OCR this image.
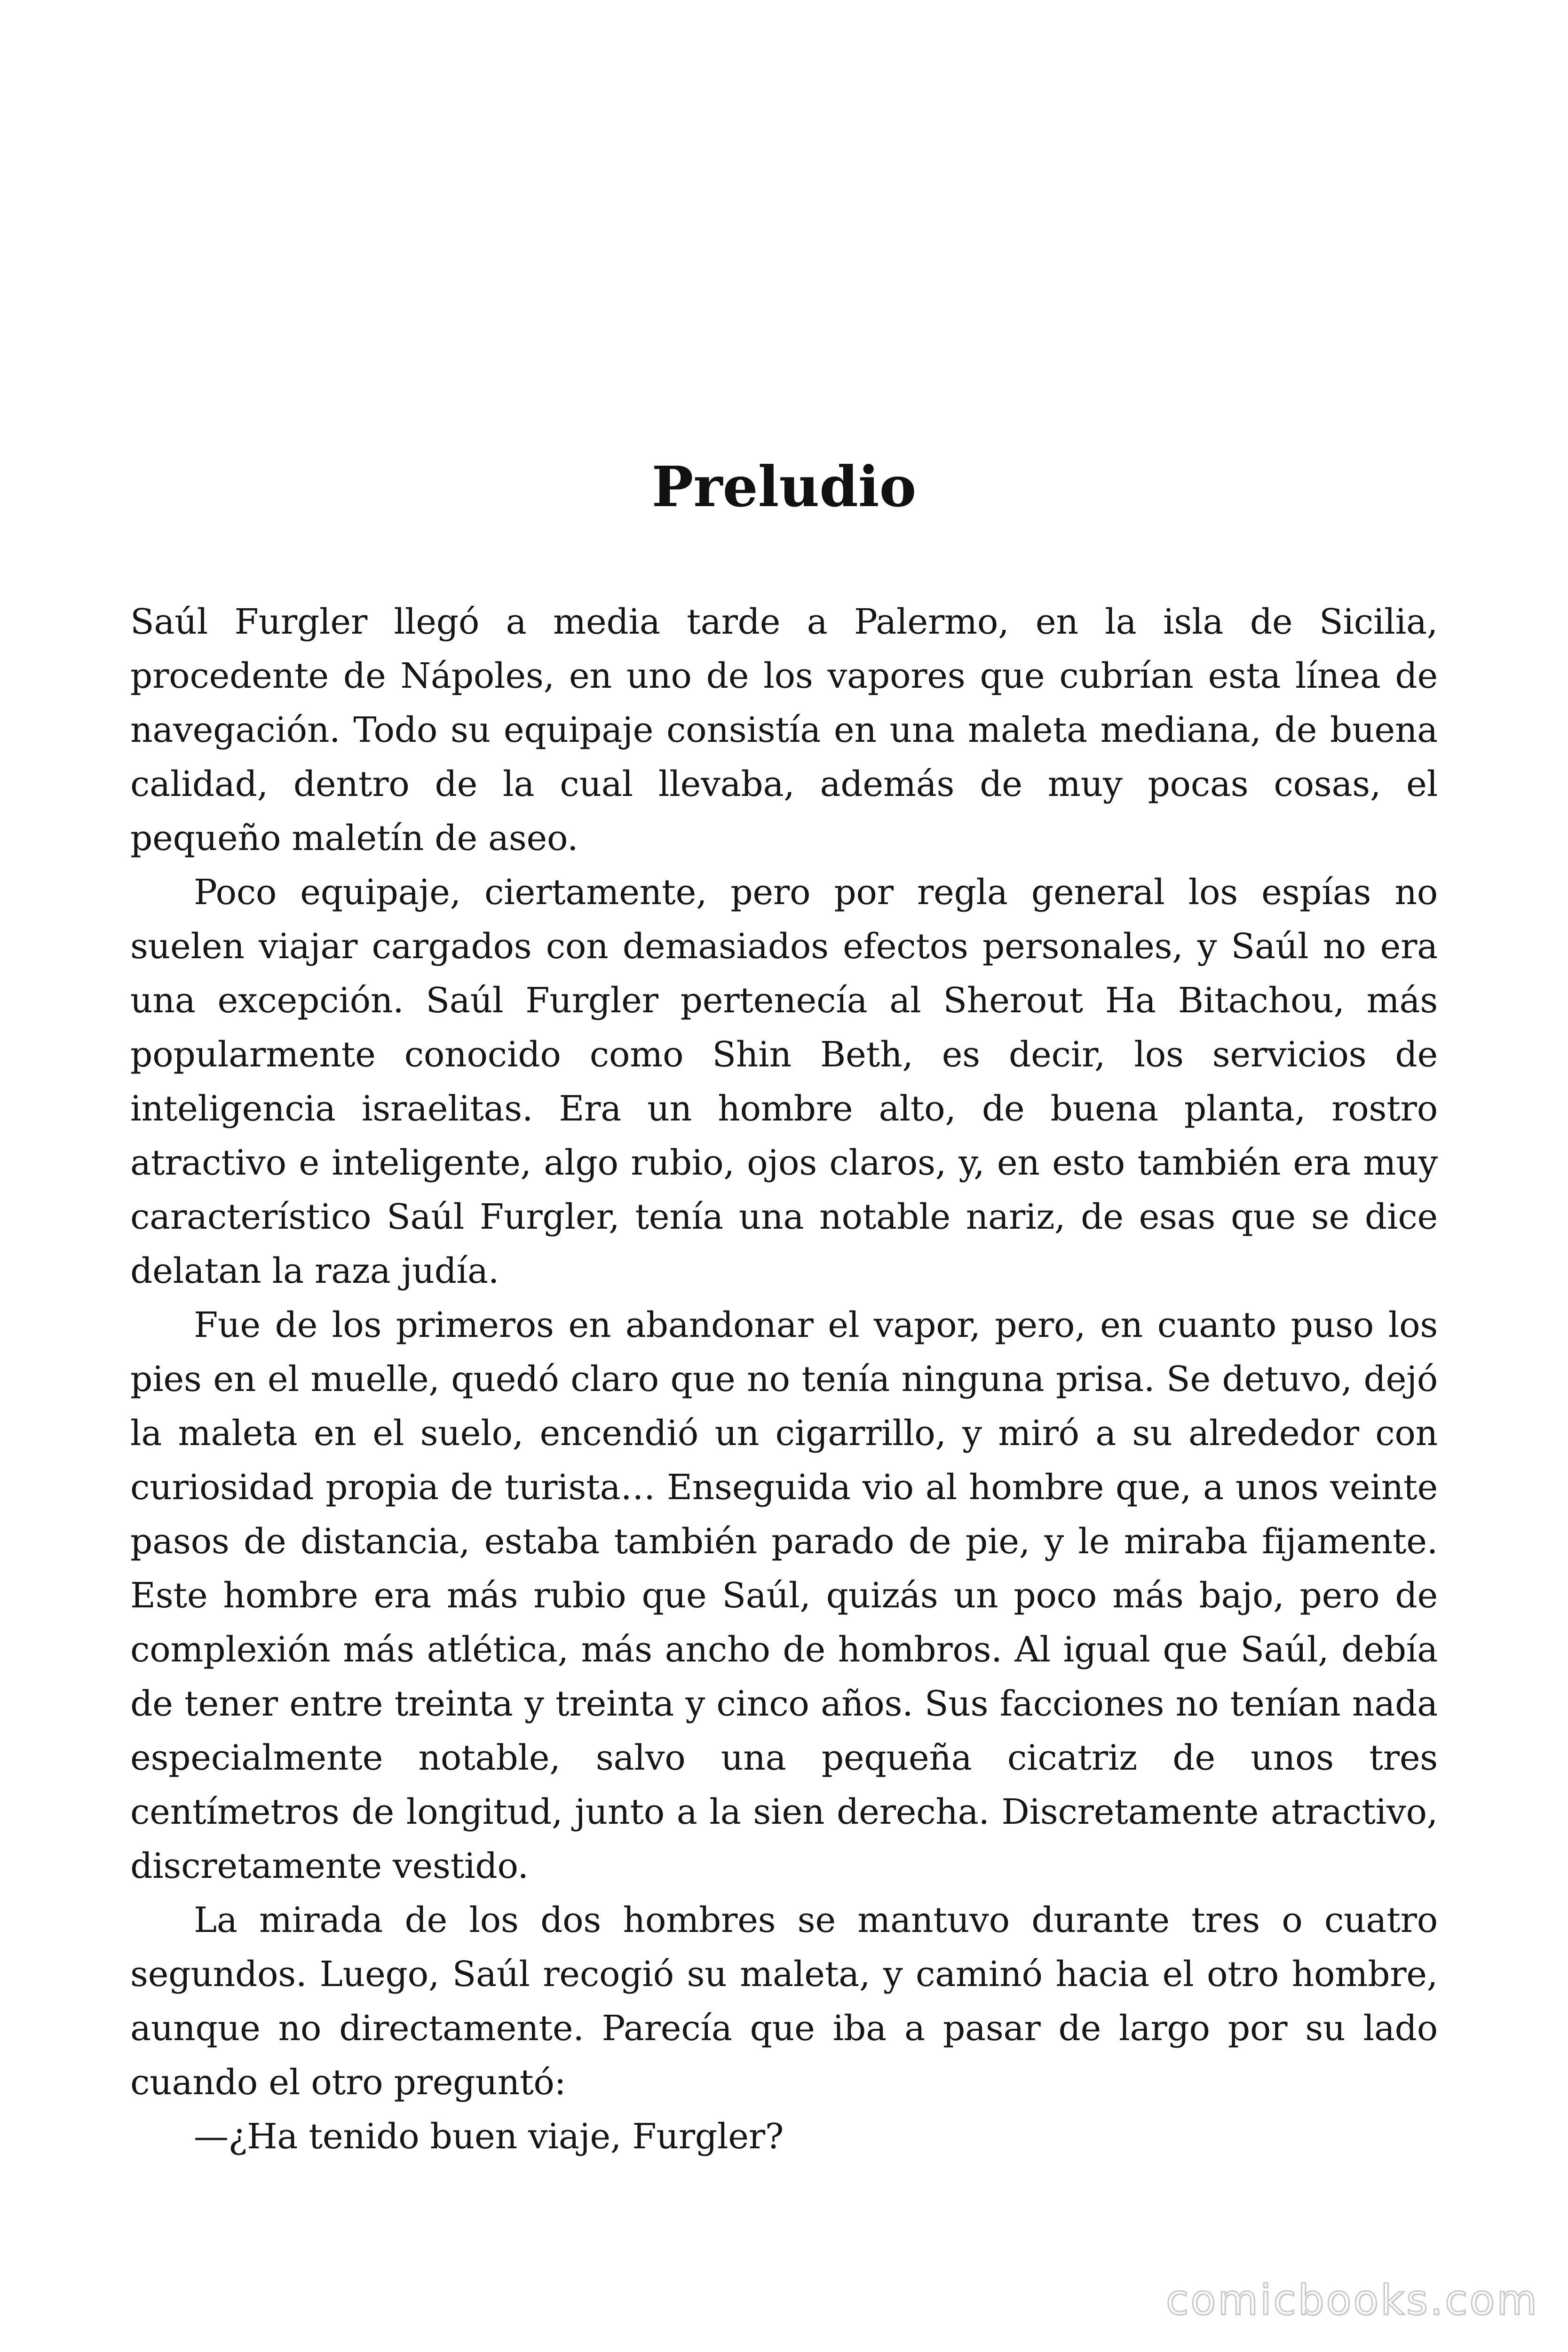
Preludio

Saúl Furgler llegó a media tarde a Palermo, en la isla de Sicilia, procedente de Nápoles, en uno de los vapores que cubrían esta línea de navegación. Todo su equipaje consistía en una maleta mediana, de buena calidad, dentro de la cual llevaba, además de muy pocas cosas, el pequeño maletín de aseo.

Poco equipaje, ciertamente, pero por regla general los espías no suelen viajar cargados con demasiados efectos personales, y Saúl no era una excepción. Saúl Furgler pertenecía al Sherout Ha Bitachou, más popularmente conocido como Shin Beth, es decir, los servicios de inteligencia israelitas. Era un hombre alto, de buena planta, rostro atractivo e inteligente, algo rubio, ojos claros, y, en esto también era muy característico Saúl Furgler, tenía una notable nariz, de esas que se dice delatan la raza judía.

Fue de los primeros en abandonar el vapor, pero, en cuanto puso los pies en el muelle, quedó claro que no tenía ninguna prisa. Se detuvo, dejó la maleta en el suelo, encendió un cigarrillo, y miró a su alrededor con curiosidad propia de turista… Enseguida vio al hombre que, a unos veinte pasos de distancia, estaba también parado de pie, y le miraba fijamente. Este hombre era más rubio que Saúl, quizás un poco más bajo, pero de complexión más atlética, más ancho de hombros. Al igual que Saúl, debía de tener entre treinta y treinta y cinco años. Sus facciones no tenían nada especialmente notable, salvo una pequeña cicatriz de unos tres centímetros de longitud, junto a la sien derecha. Discretamente atractivo, discretamente vestido.

La mirada de los dos hombres se mantuvo durante tres o cuatro segundos. Luego, Saúl recogió su maleta, y caminó hacia el otro hombre, aunque no directamente. Parecía que iba a pasar de largo por su lado cuando el otro preguntó:

—¿Ha tenido buen viaje, Furgler?

comicbooks.com
